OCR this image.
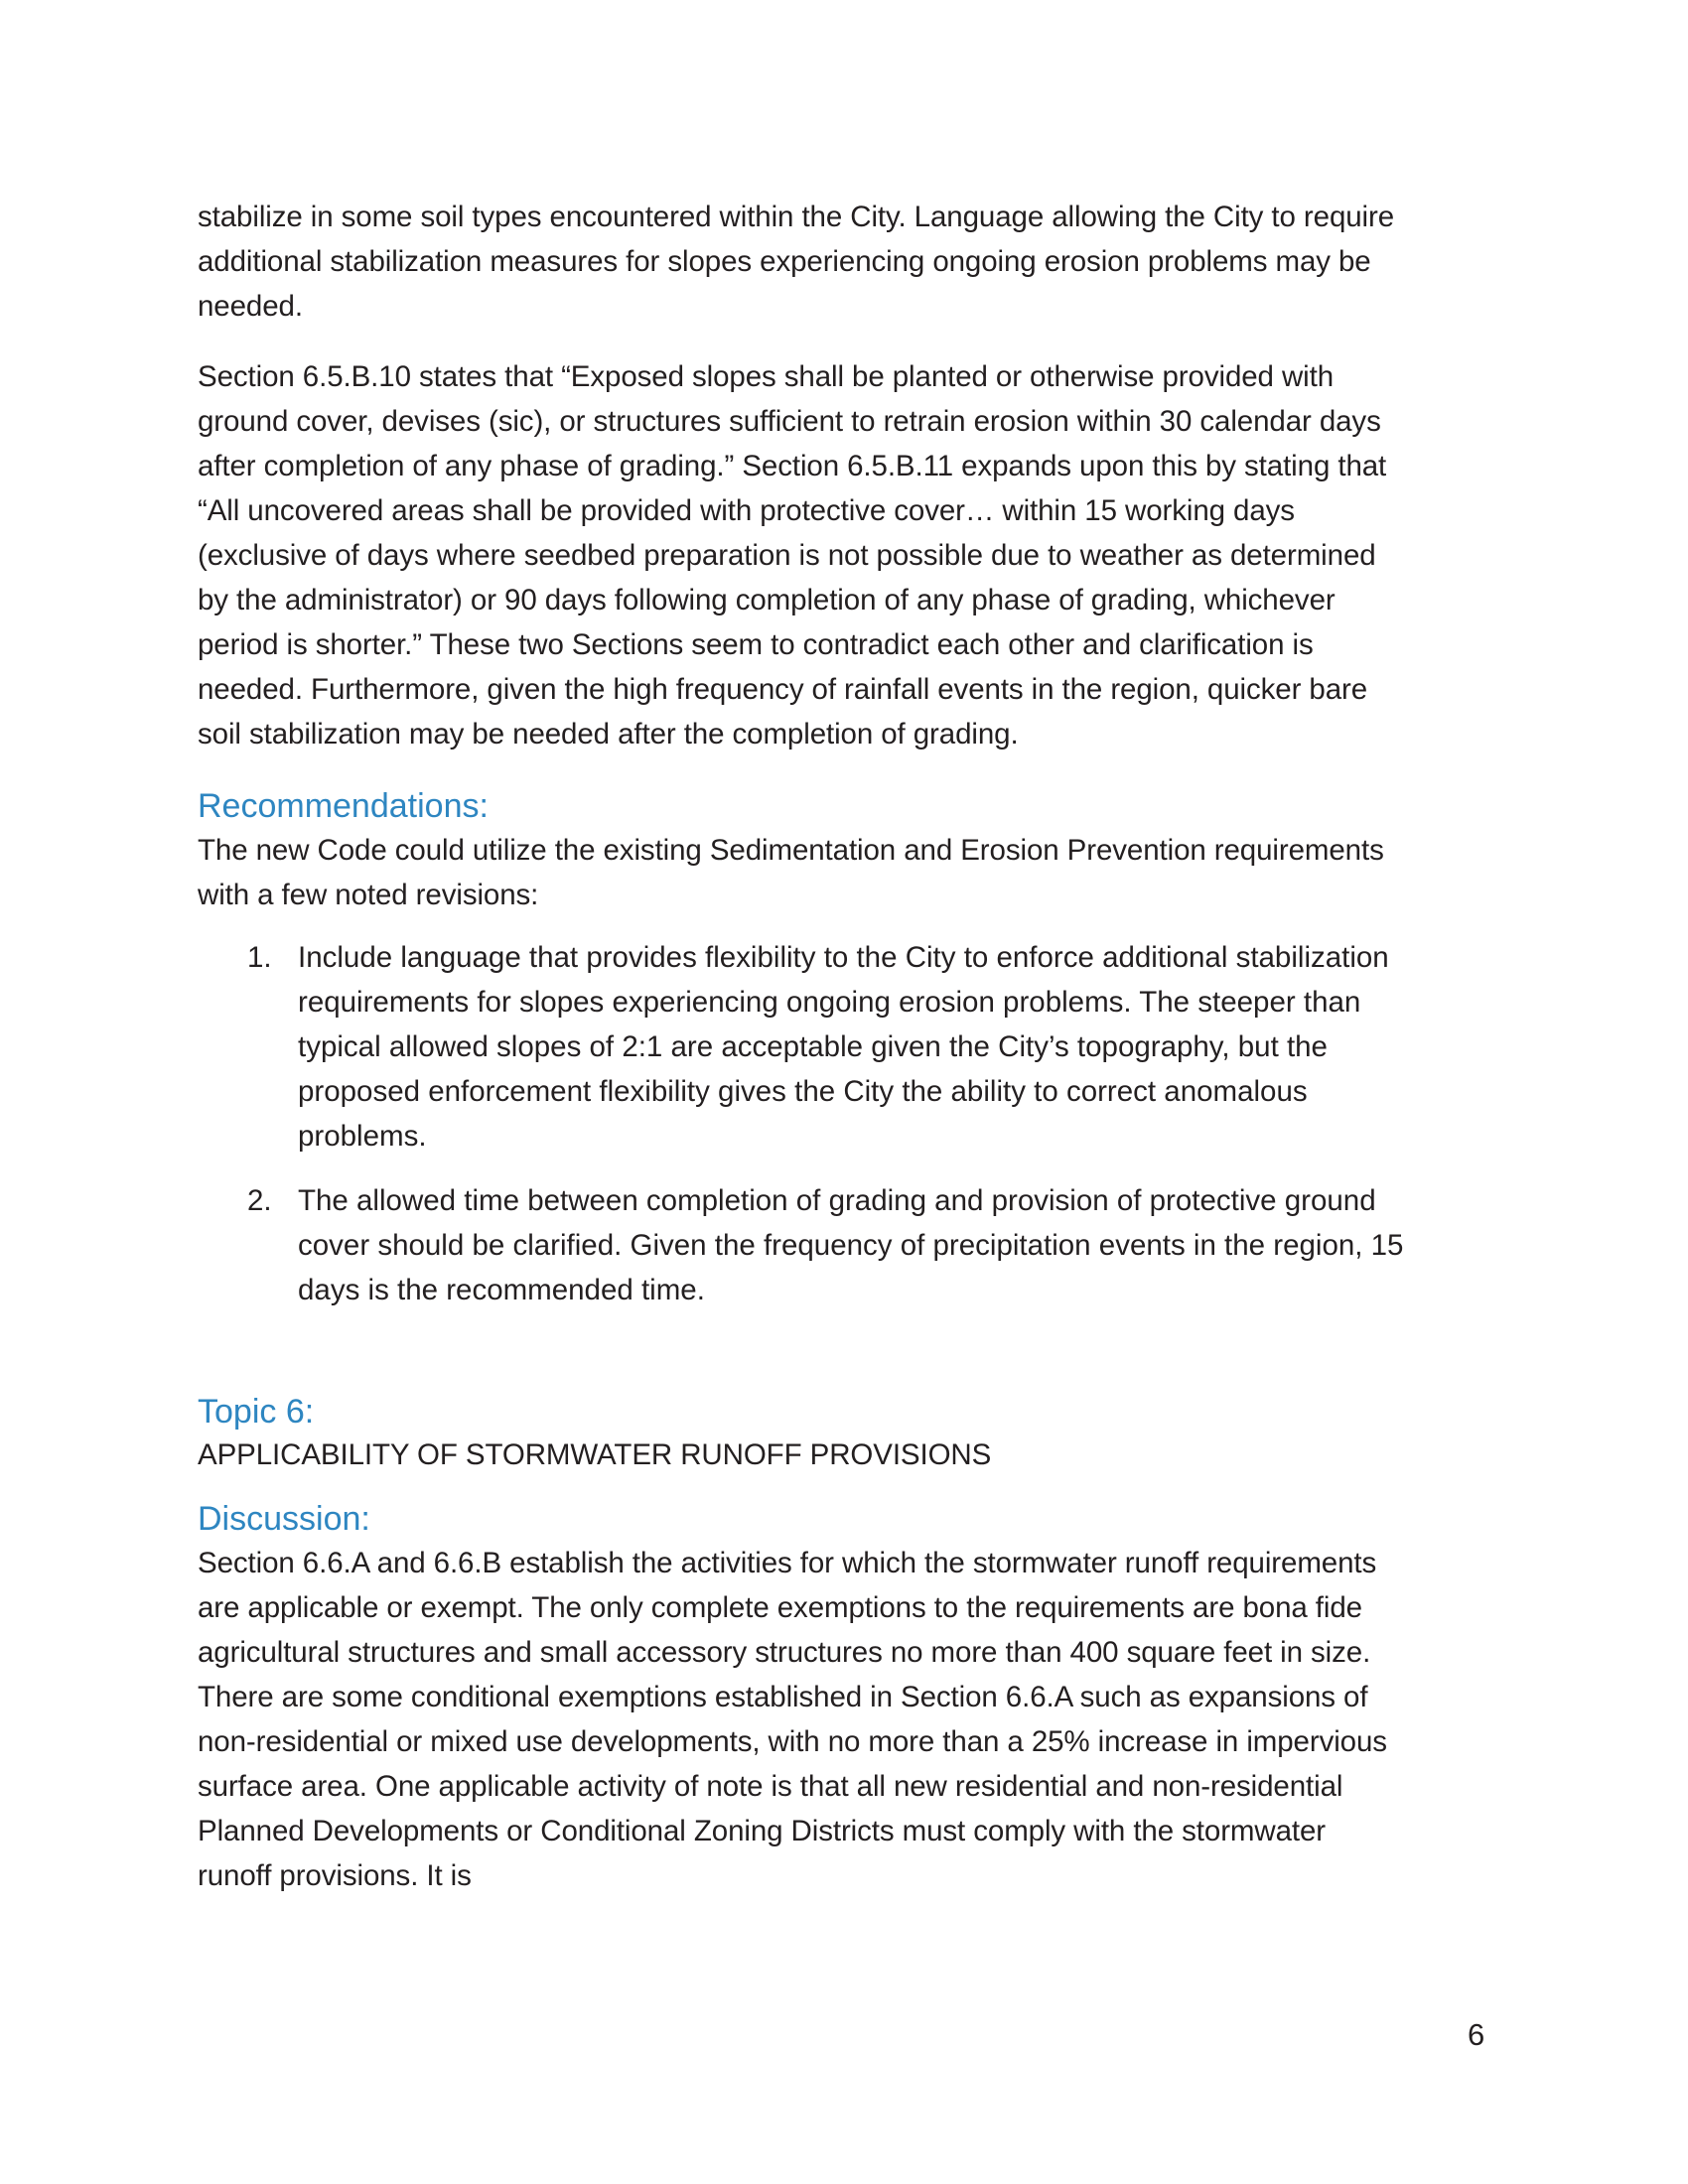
stabilize in some soil types encountered within the City. Language allowing the City to require additional stabilization measures for slopes experiencing ongoing erosion problems may be needed.

Section 6.5.B.10 states that “Exposed slopes shall be planted or otherwise provided with ground cover, devises (sic), or structures sufficient to retrain erosion within 30 calendar days after completion of any phase of grading.” Section 6.5.B.11 expands upon this by stating that “All uncovered areas shall be provided with protective cover… within 15 working days (exclusive of days where seedbed preparation is not possible due to weather as determined by the administrator) or 90 days following completion of any phase of grading, whichever period is shorter.” These two Sections seem to contradict each other and clarification is needed. Furthermore, given the high frequency of rainfall events in the region, quicker bare soil stabilization may be needed after the completion of grading.

Recommendations:

The new Code could utilize the existing Sedimentation and Erosion Prevention requirements with a few noted revisions:

1. Include language that provides flexibility to the City to enforce additional stabilization requirements for slopes experiencing ongoing erosion problems. The steeper than typical allowed slopes of 2:1 are acceptable given the City’s topography, but the proposed enforcement flexibility gives the City the ability to correct anomalous problems.
2. The allowed time between completion of grading and provision of protective ground cover should be clarified. Given the frequency of precipitation events in the region, 15 days is the recommended time.
Topic 6:

APPLICABILITY OF STORMWATER RUNOFF PROVISIONS

Discussion:

Section 6.6.A and 6.6.B establish the activities for which the stormwater runoff requirements are applicable or exempt. The only complete exemptions to the requirements are bona fide agricultural structures and small accessory structures no more than 400 square feet in size. There are some conditional exemptions established in Section 6.6.A such as expansions of non-residential or mixed use developments, with no more than a 25% increase in impervious surface area. One applicable activity of note is that all new residential and non-residential Planned Developments or Conditional Zoning Districts must comply with the stormwater runoff provisions. It is

6
